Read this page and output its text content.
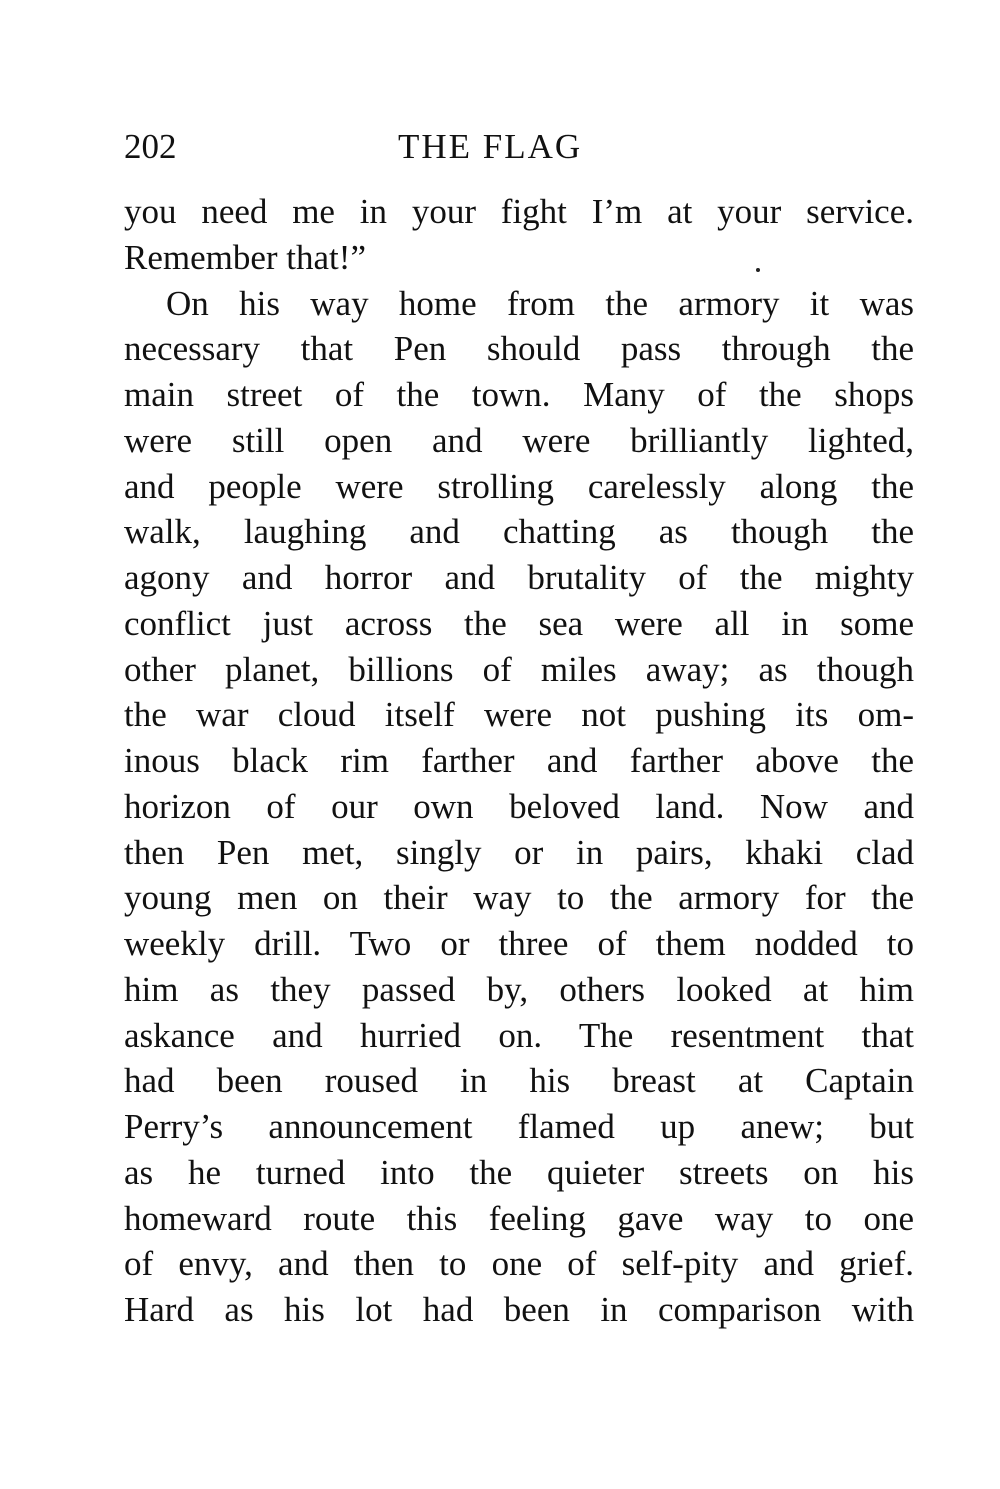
202	THE FLAG
you need me in your fight I’m at your service.
Remember that!”
On his way home from the armory it was
necessary that Pen should pass through the
main street of the town. Many of the shops
were still open and were brilliantly lighted,
and people were strolling carelessly along the
walk, laughing and chatting as though the
agony and horror and brutality of the mighty
conflict just across the sea were all in some
other planet, billions of miles away; as though
the war cloud itself were not pushing its om-
inous black rim farther and farther above the
horizon of our own beloved land. Now and
then Pen met, singly or in pairs, khaki clad
young men on their way to the armory for the
weekly drill. Two or three of them nodded to
him as they passed by, others looked at him
askance and hurried on. The resentment that
had been roused in his breast at Captain
Perry’s announcement flamed up anew; but
as he turned into the quieter streets on his
homeward route this feeling gave way to one
of envy, and then to one of self-pity and grief.
Hard as his lot had been in comparison with
